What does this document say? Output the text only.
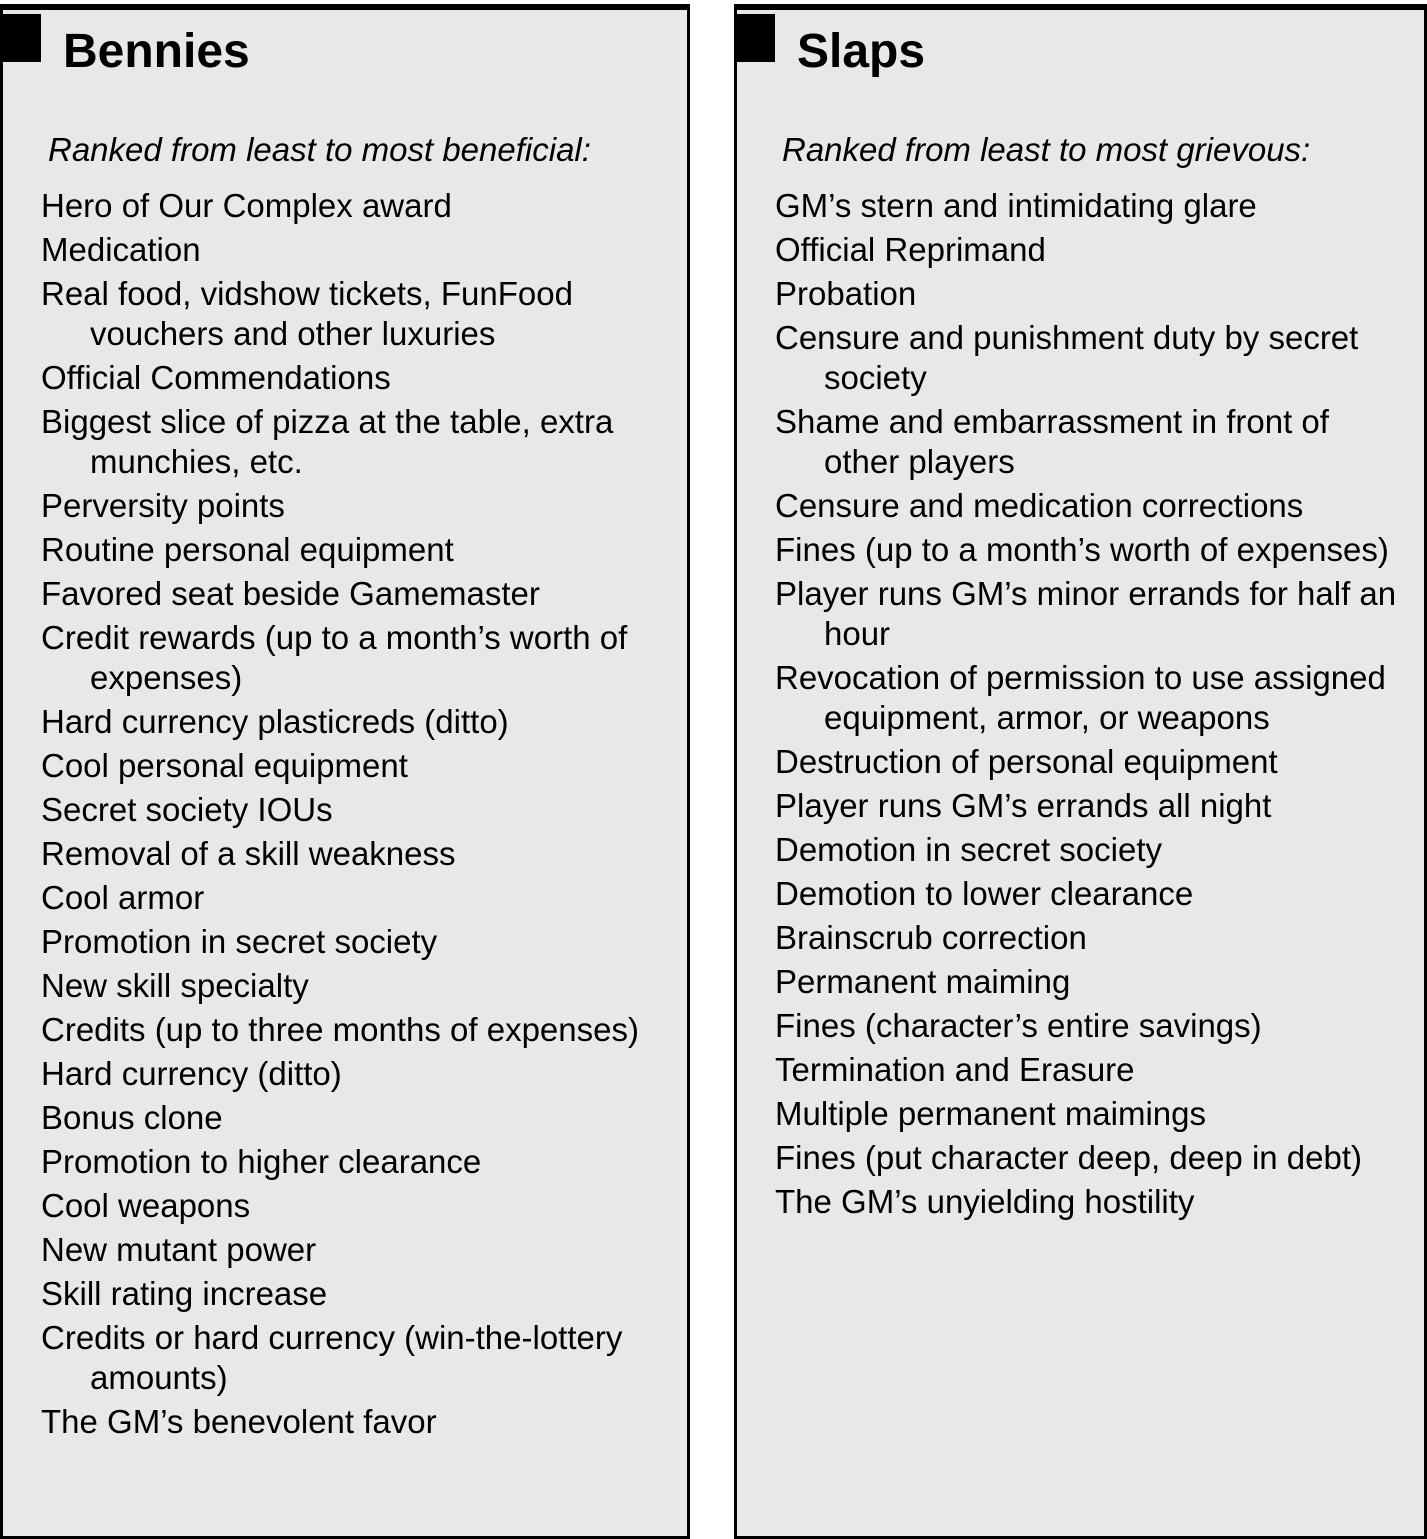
Bennies

Ranked from least to most beneficial:

Hero of Our Complex award
Medication
Real food, vidshow tickets, FunFood vouchers and other luxuries
Official Commendations
Biggest slice of pizza at the table, extra munchies, etc.
Perversity points
Routine personal equipment
Favored seat beside Gamemaster
Credit rewards (up to a month’s worth of expenses)
Hard currency plasticreds (ditto)
Cool personal equipment
Secret society IOUs
Removal of a skill weakness
Cool armor
Promotion in secret society
New skill specialty
Credits (up to three months of expenses)
Hard currency (ditto)
Bonus clone
Promotion to higher clearance
Cool weapons
New mutant power
Skill rating increase
Credits or hard currency (win-the-lottery amounts)
The GM’s benevolent favor
Slaps

Ranked from least to most grievous:

GM’s stern and intimidating glare
Official Reprimand
Probation
Censure and punishment duty by secret society
Shame and embarrassment in front of other players
Censure and medication corrections
Fines (up to a month’s worth of expenses)
Player runs GM’s minor errands for half an hour
Revocation of permission to use assigned equipment, armor, or weapons
Destruction of personal equipment
Player runs GM’s errands all night
Demotion in secret society
Demotion to lower clearance
Brainscrub correction
Permanent maiming
Fines (character’s entire savings)
Termination and Erasure
Multiple permanent maimings
Fines (put character deep, deep in debt)
The GM’s unyielding hostility
